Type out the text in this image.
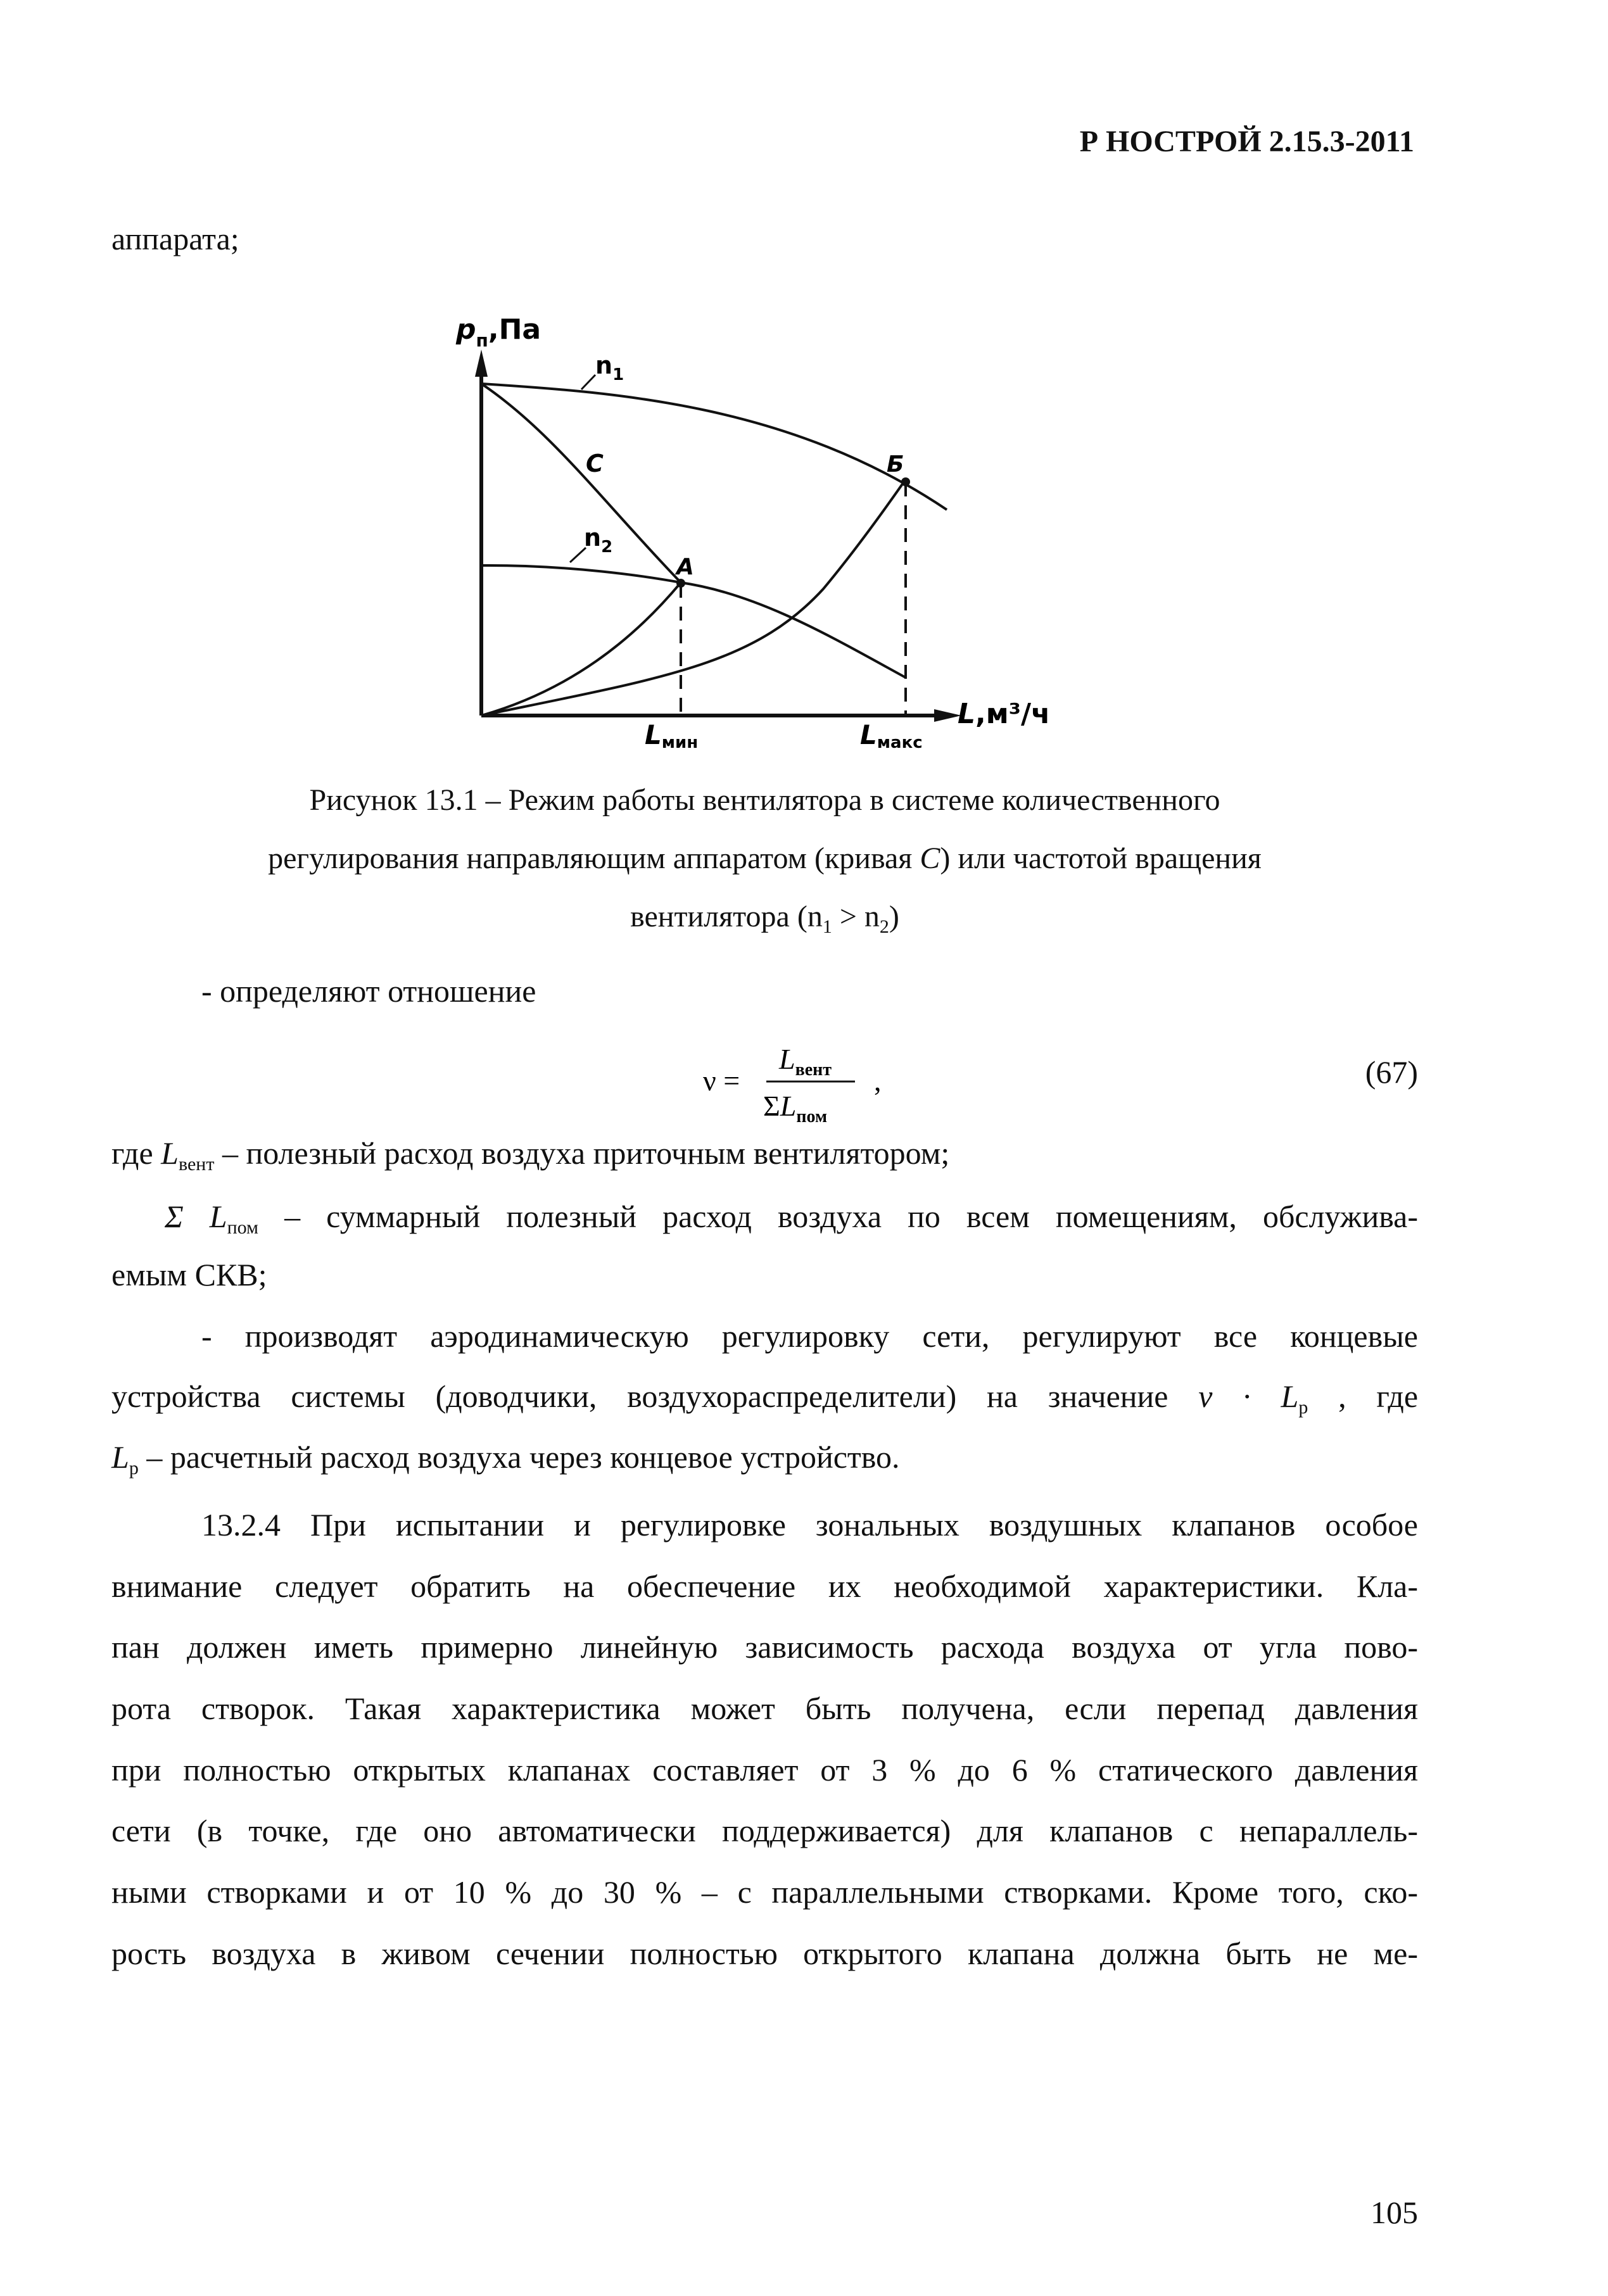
Р НОСТРОЙ 2.15.3-2011
аппарата;
$р_п,Па$
$n_1$
С
$n_2$
А
Б
L,м³/ч
Lмин	Lмакс
Рисунок 13.1 – Режим работы вентилятора в системе количественного
регулирования направляющим аппаратом (кривая С) или частотой вращения
вентилятора $(n_1 > n_2)$
- определяют отношение
ν =
$L_{вент}$
$\Sigma L_{пом}$
,	(67)
где $L_{вент}$ – полезный расход воздуха приточным вентилятором;
Σ $L_{пом}$ – суммарный полезный расход воздуха по всем помещениям, обслужива-
емым СКВ;
- производят аэродинамическую регулировку сети, регулируют все концевые
устройства системы (доводчики, воздухораспределители) на значение $\nu \cdot L_р$ , где
$L_р$ – расчетный расход воздуха через концевое устройство.
13.2.4 При испытании и регулировке зональных воздушных клапанов особое
внимание следует обратить на обеспечение их необходимой характеристики. Кла-
пан должен иметь примерно линейную зависимость расхода воздуха от угла пово-
рота створок. Такая характеристика может быть получена, если перепад давления
при полностью открытых клапанах составляет от 3 % до 6 % статического давления
сети (в точке, где оно автоматически поддерживается) для клапанов с непараллель-
ными створками и от 10 % до 30 % – с параллельными створками. Кроме того, ско-
рость воздуха в живом сечении полностью открытого клапана должна быть не ме-
105
